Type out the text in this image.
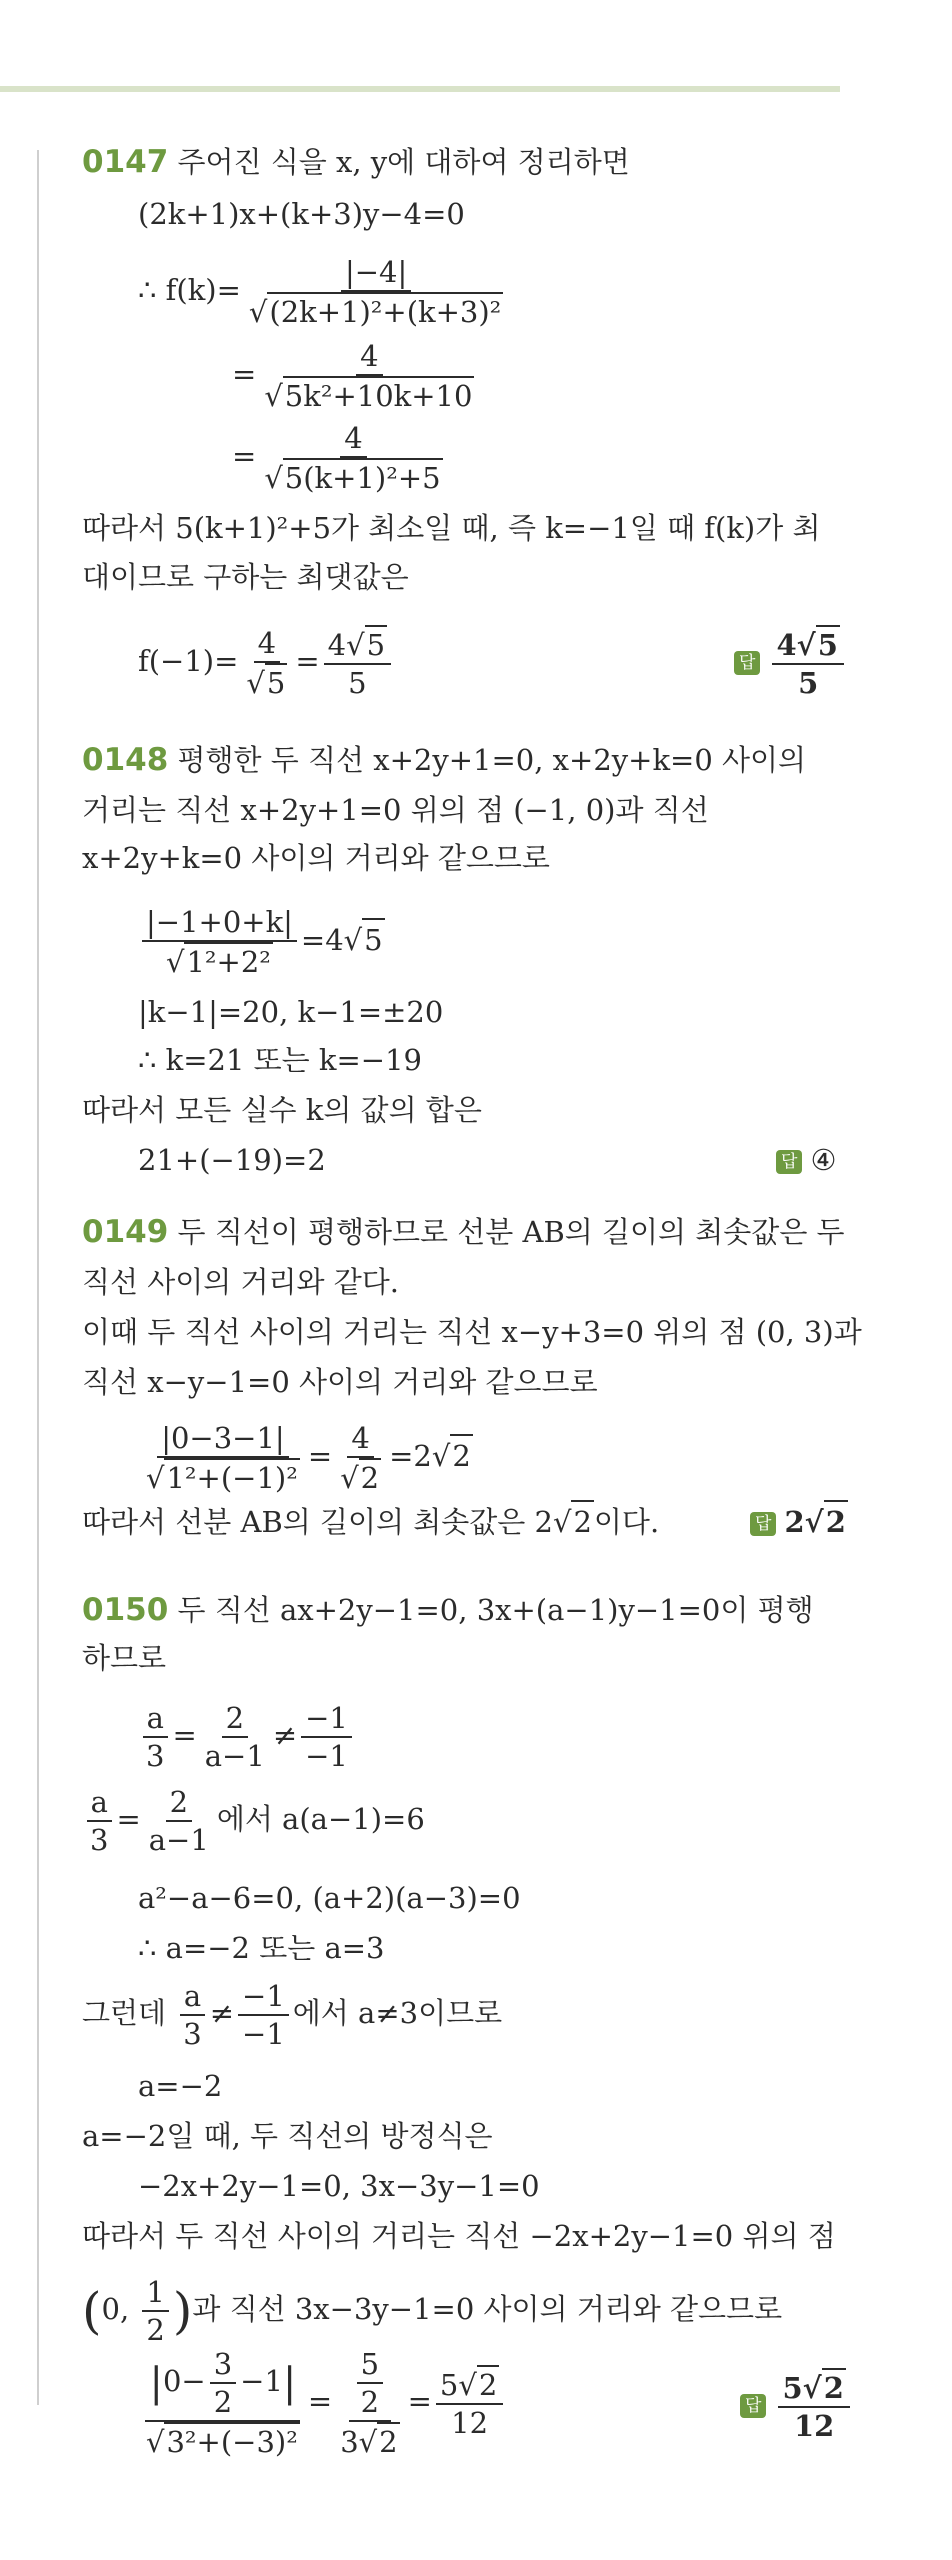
0147 주어진 식을 x, y에 대하여 정리하면
(2k+1)x+(k+3)y−4=0
∴ $f(k)= \frac{|-4|}{\text{√(2k+1)²+(k+3)²}}$
= $\frac{4}{\text{√5k²+10k+10}}$
= $\frac{4}{\text{√5(k+1)²+5}}$
따라서 5(k+1)²+5가 최소일 때, 즉 k=−1일 때 f(k)가 최
대이므로 구하는 최댓값은
$f(-1)= \frac{4}{√5} = \frac{4√5}{5}$	답 $\frac{4√5}{5}$
0148 평행한 두 직선 x+2y+1=0, x+2y+k=0 사이의
거리는 직선 x+2y+1=0 위의 점 (−1, 0)과 직선
x+2y+k=0 사이의 거리와 같으므로
$\frac{|-1+0+k|}{\text{√1²+2²}} =4√5$
|k−1|=20, k−1=±20
∴ k=21 또는 k=−19
따라서 모든 실수 k의 값의 합은
21+(−19)=2	답 ④
0149 두 직선이 평행하므로 선분 AB의 길이의 최솟값은 두
직선 사이의 거리와 같다.
이때 두 직선 사이의 거리는 직선 x−y+3=0 위의 점 (0, 3)과
직선 x−y−1=0 사이의 거리와 같으므로
$\frac{|0-3-1|}{\text{√1²+(−1)²}} = \frac{4}{√2} =2√2$
따라서 선분 AB의 길이의 최솟값은 2√2이다.	답 2√2
0150 두 직선 ax+2y−1=0, 3x+(a−1)y−1=0이 평행
하므로
$\frac{a}{3} = \frac{2}{a-1} \ne \frac{-1}{-1}$
$\frac{a}{3} = \frac{2}{a-1}$ 에서 a(a−1)=6
a²−a−6=0, (a+2)(a−3)=0
∴ a=−2 또는 a=3
그런데 $\frac{a}{3} \ne \frac{-1}{-1}$ 에서 a≠3이므로
a=−2
a=−2일 때, 두 직선의 방정식은
−2x+2y−1=0, 3x−3y−1=0
따라서 두 직선 사이의 거리는 직선 −2x+2y−1=0 위의 점
(0, $\frac{1}{2}$ )과 직선 3x−3y−1=0 사이의 거리와 같으므로
$\frac{|0- \frac{3}{2} -1|}{\text{√3²+(−3)²}} = \frac{\frac{5}{2}}{3√2} = \frac{5√2}{12}$	답 $\frac{5√2}{12}$
